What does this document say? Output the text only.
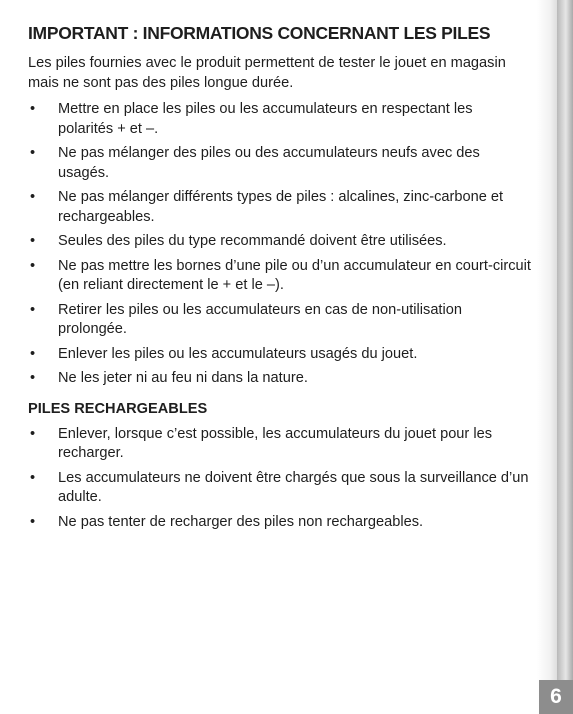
IMPORTANT : INFORMATIONS CONCERNANT LES PILES

Les piles fournies avec le produit permettent de tester le jouet en magasin mais ne sont pas des piles longue durée.

• Mettre en place les piles ou les accumulateurs en respectant les polarités + et –.
• Ne pas mélanger des piles ou des accumulateurs neufs avec des usagés.
• Ne pas mélanger différents types de piles : alcalines, zinc-carbone et rechargeables.
• Seules des piles du type recommandé doivent être utilisées.
• Ne pas mettre les bornes d’une pile ou d’un accumulateur en court-circuit (en reliant directement le + et le –).
• Retirer les piles ou les accumulateurs en cas de non-utilisation prolongée.
• Enlever les piles ou les accumulateurs usagés du jouet.
• Ne les jeter ni au feu ni dans la nature.
PILES RECHARGEABLES
• Enlever, lorsque c’est possible, les accumulateurs du jouet pour les recharger.
• Les accumulateurs ne doivent être chargés que sous la surveillance d’un adulte.
• Ne pas tenter de recharger des piles non rechargeables.
6
